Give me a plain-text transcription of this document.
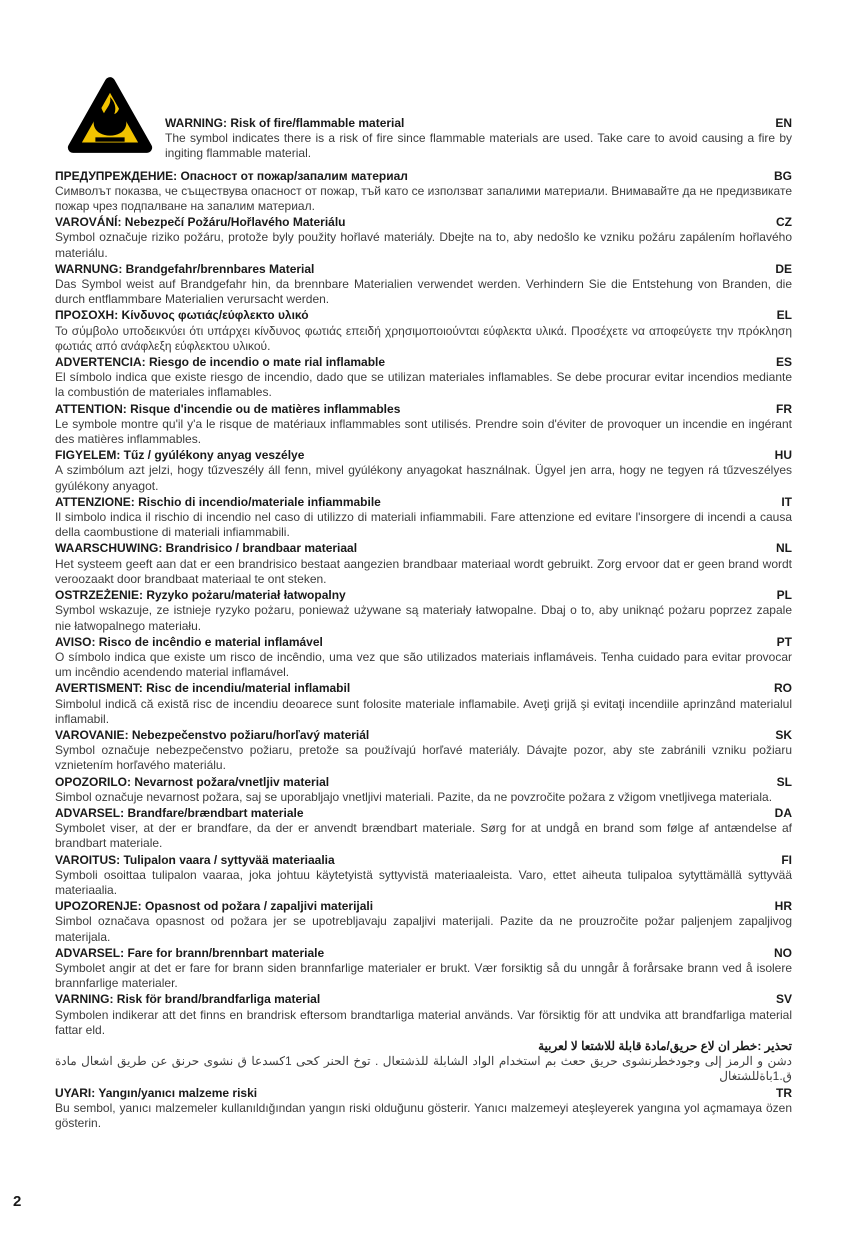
WARNING: Risk of fire/flammable material	EN

The symbol indicates there is a risk of fire since flammable materials are used. Take care to avoid causing a fire by ingiting flammable material.

ПРЕДУПРЕЖДЕНИЕ: Опасност от пожар/запалим материал	BG

Символът показва, че съществува опасност от пожар, тъй като се използват запалими материали. Внимавайте да не предизвикате пожар чрез подпалване на запалим материал.

VAROVÁNÍ: Nebezpečí Požáru/Hořlavého Materiálu	CZ

Symbol označuje riziko požáru, protože byly použity hořlavé materiály. Dbejte na to, aby nedošlo ke vzniku požáru zapálením hořlavého materiálu.

WARNUNG: Brandgefahr/brennbares Material	DE

Das Symbol weist auf Brandgefahr hin, da brennbare Materialien verwendet werden. Verhindern Sie die Entstehung von Branden, die durch entflammbare Materialien verursacht werden.

ΠΡΟΣΟΧΗ: Κίνδυνος φωτιάς/εύφλεκτο υλικό	EL

Το σύμβολο υποδεικνύει ότι υπάρχει κίνδυνος φωτιάς επειδή χρησιμοποιούνται εύφλεκτα υλικά. Προσέχετε να αποφεύγετε την πρόκληση φωτιάς από ανάφλεξη εύφλεκτου υλικού.

ADVERTENCIA: Riesgo de incendio o mate rial inflamable	ES

El símbolo indica que existe riesgo de incendio, dado que se utilizan materiales inflamables. Se debe procurar evitar incendios mediante la combustión de materiales inflamables.

ATTENTION: Risque d'incendie ou de matières inflammables	FR

Le symbole montre qu'il y'a le risque de matériaux inflammables sont utilisés. Prendre soin d'éviter de provoquer un incendie en ingérant des matières inflammables.

FIGYELEM: Tűz / gyúlékony anyag veszélye	HU

A szimbólum azt jelzi, hogy tűzveszély áll fenn, mivel gyúlékony anyagokat használnak. Ügyel jen arra, hogy ne tegyen rá tűzveszélyes gyúlékony anyagot.

ATTENZIONE: Rischio di incendio/materiale infiammabile	IT

Il simbolo indica il rischio di incendio nel caso di utilizzo di materiali infiammabili. Fare attenzione ed evitare l'insorgere di incendi a causa della caombustione di materiali infiammabili.

WAARSCHUWING: Brandrisico / brandbaar materiaal	NL

Het systeem geeft aan dat er een brandrisico bestaat aangezien brandbaar materiaal wordt gebruikt. Zorg ervoor dat er geen brand wordt veroozaakt door brandbaat materiaal te ont steken.

OSTRZEŻENIE: Ryzyko pożaru/materiał łatwopalny	PL

Symbol wskazuje, ze istnieje ryzyko pożaru, ponieważ używane są materiały łatwopalne. Dbaj o to, aby uniknąć pożaru poprzez zapale nie łatwopalnego materiału.

AVISO: Risco de incêndio e material inflamável	PT

O símbolo indica que existe um risco de incêndio, uma vez que são utilizados materiais inflamáveis. Tenha cuidado para evitar provocar um incêndio acendendo material inflamável.

AVERTISMENT: Risc de incendiu/material inflamabil	RO

Simbolul indică că există risc de incendiu deoarece sunt folosite materiale inflamabile. Aveţi grijă şi evitaţi incendiile aprinzând materialul inflamabil.

VAROVANIE: Nebezpečenstvo požiaru/horľavý materiál	SK

Symbol označuje nebezpečenstvo požiaru, pretože sa používajú horľavé materiály. Dávajte pozor, aby ste zabránili vzniku požiaru vznietením horľavého materiálu.

OPOZORILO: Nevarnost požara/vnetljiv material	SL

Simbol označuje nevarnost požara, saj se uporabljajo vnetljivi materiali. Pazite, da ne povzročite požara z vžigom vnetljivega materiala.

ADVARSEL: Brandfare/brændbart materiale	DA

Symbolet viser, at der er brandfare, da der er anvendt brændbart materiale. Sørg for at undgå en brand som følge af antændelse af brandbart materiale.

VAROITUS: Tulipalon vaara / syttyvää materiaalia	FI

Symboli osoittaa tulipalon vaaraa, joka johtuu käytetyistä syttyvistä materiaaleista. Varo, ettet aiheuta tulipaloa sytyttämällä syttyvää materiaalia.

UPOZORENJE: Opasnost od požara / zapaljivi materijali	HR

Simbol označava opasnost od požara jer se upotrebljavaju zapaljivi materijali. Pazite da ne prouzročite požar paljenjem zapaljivog materijala.

ADVARSEL: Fare for brann/brennbart materiale	NO

Symbolet angir at det er fare for brann siden brannfarlige materialer er brukt. Vær forsiktig så du unngår å forårsake brann ved å isolere brannfarlige materialer.

VARNING: Risk för brand/brandfarliga material	SV

Symbolen indikerar att det finns en brandrisk eftersom brandtarliga material används. Var försiktig för att undvika att brandfarliga material fattar eld.

تحذير :خطر ان لاع حريق/مادة قابلة للاشتعا لا لعربية

دشن و الرمز إلى وجودخطرنشوى حريق حعث بم استخدام الواد الشابلة للذشتعال . توخ الحنر كحى 1كسدعا ق نشوى حرنق عن طريق اشعال مادة ق.1باةللشتغال

UYARI: Yangın/yanıcı malzeme riski	TR

Bu sembol, yanıcı malzemeler kullanıldığından yangın riski olduğunu gösterir. Yanıcı malzemeyi ateşleyerek yangına yol açmamaya özen gösterin.

2
